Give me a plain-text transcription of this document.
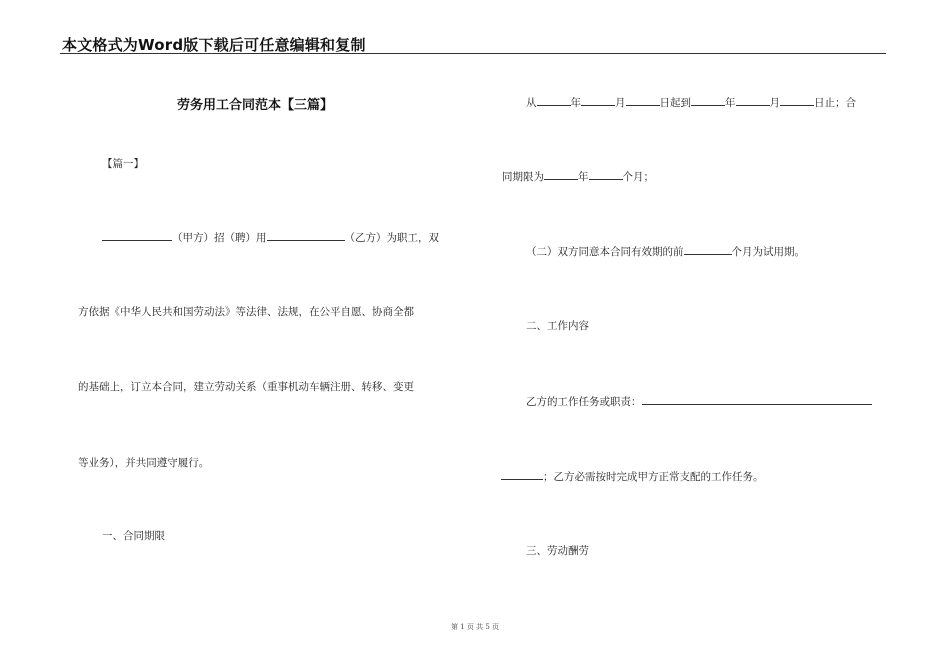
本文格式为Word版下载后可任意编辑和复制
劳务用工合同范本【三篇】
【篇一】
（甲方）招（聘）用	（乙方）为职工，双
方依据《中华人民共和国劳动法》等法律、法规，在公平自愿、协商全都
的基础上，订立本合同，建立劳动关系（重事机动车辆注册、转移、变更
等业务），并共同遵守履行。
一、合同期限
从	年	月	日起到	年	月	日止；合
同期限为	年	个月；
（二）双方同意本合同有效期的前	个月为试用期。
二、工作内容
乙方的工作任务或职责：
；乙方必需按时完成甲方正常支配的工作任务。
三、劳动酬劳
第 1 页 共 5 页
